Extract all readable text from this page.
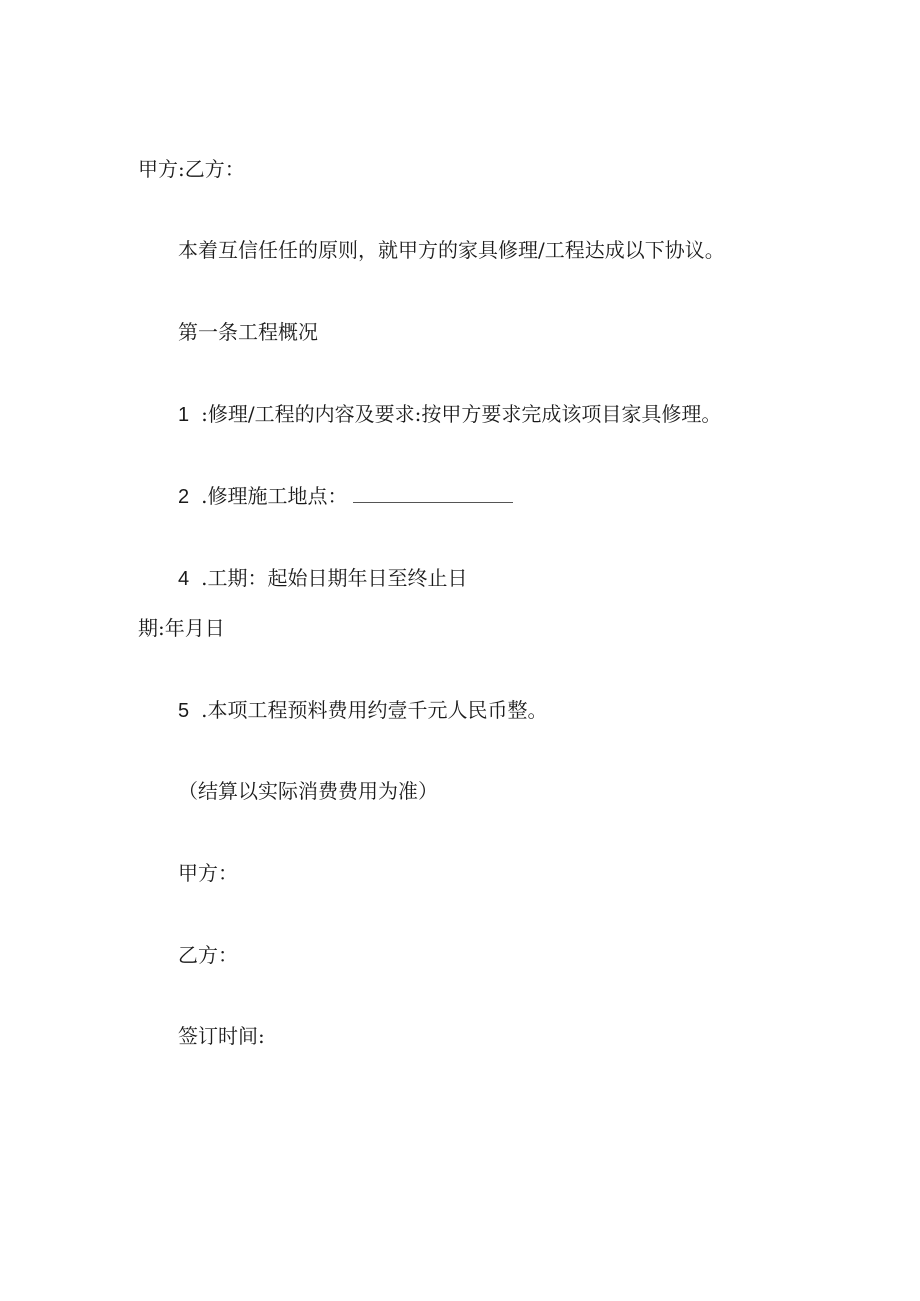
甲方:乙方：
本着互信任任的原则，就甲方的家具修理/工程达成以下协议。
第一条工程概况
1 :修理/工程的内容及要求:按甲方要求完成该项目家具修理。
2 .修理施工地点：
4 .工期：起始日期年日至终止日
期:年月日
5 .本项工程预料费用约壹千元人民币整。
（结算以实际消费费用为准）
甲方：
乙方：
签订时间:
